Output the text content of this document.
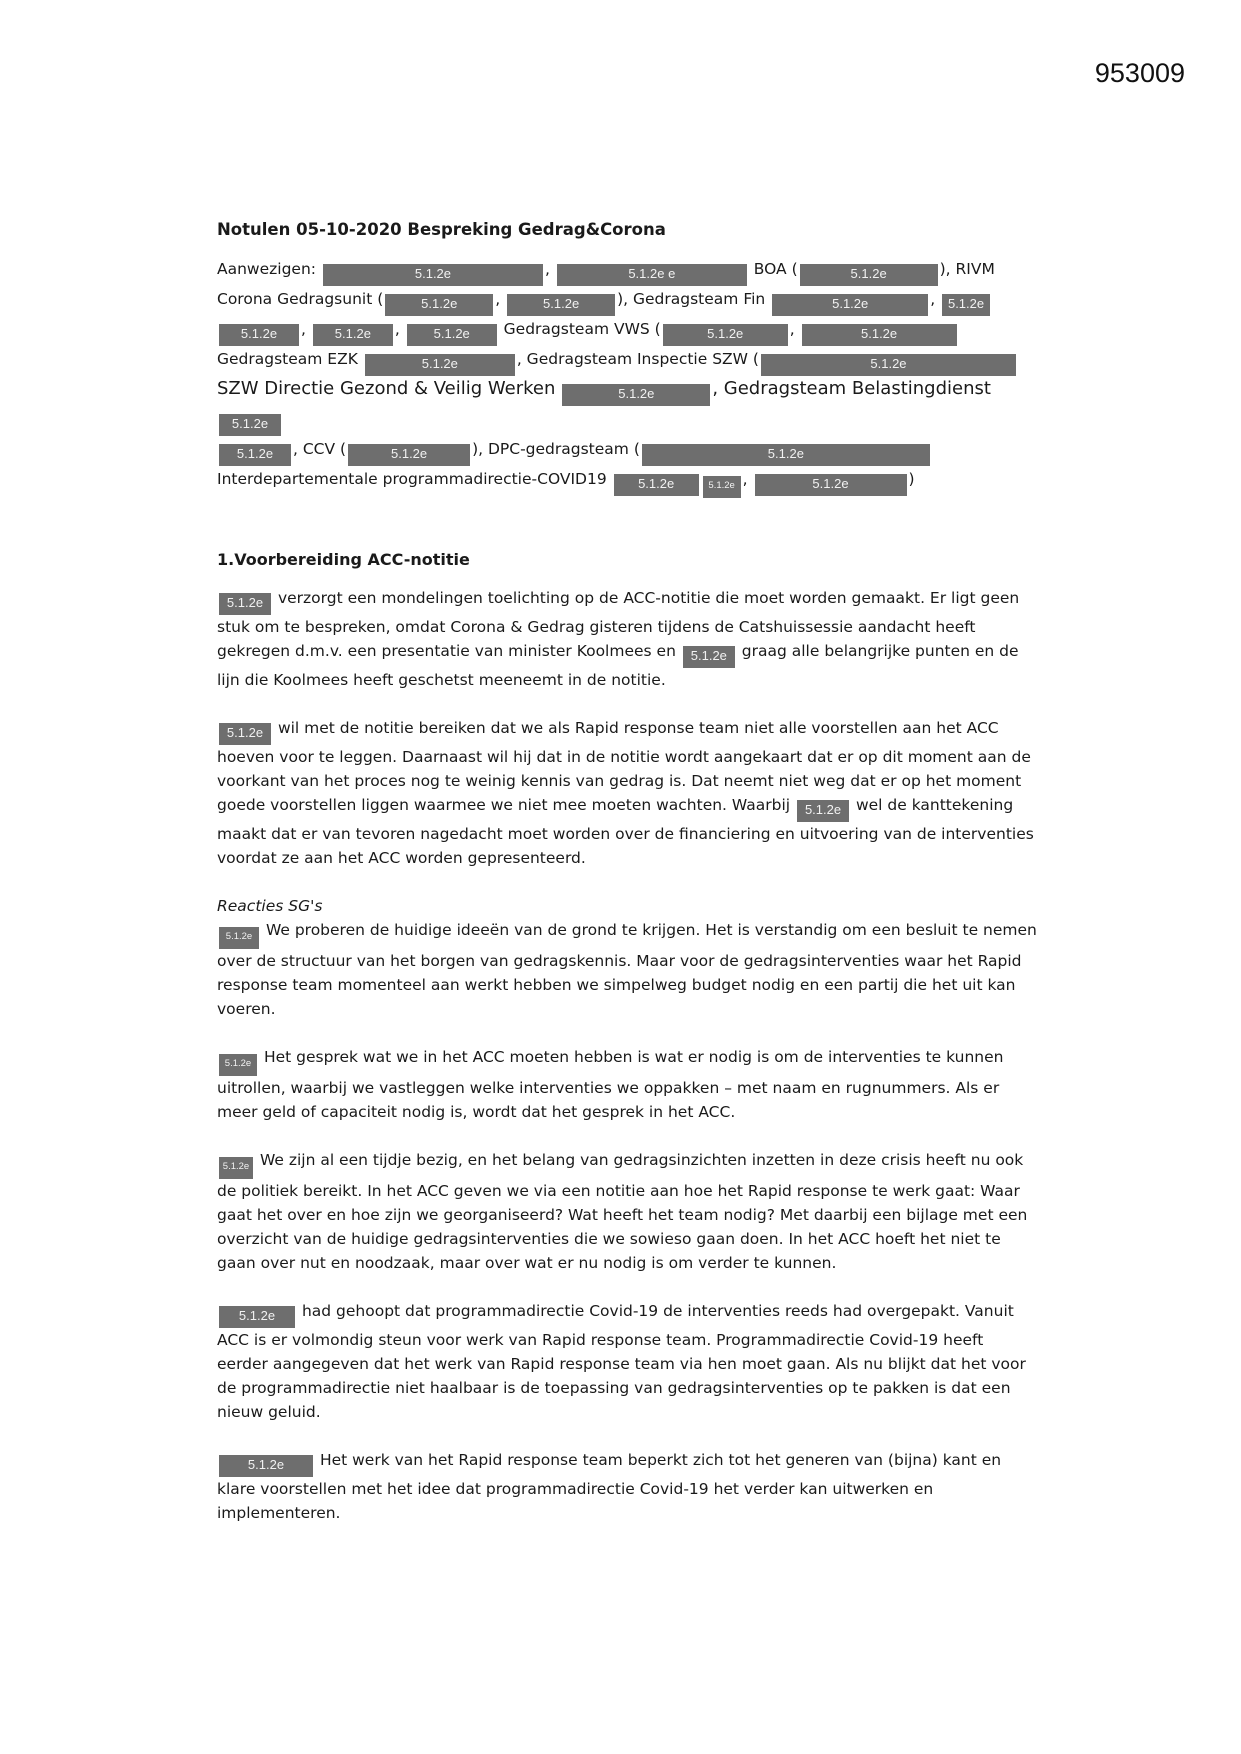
953009
Notulen 05-10-2020 Bespreking Gedrag&Corona

Aanwezigen:	5.1.2e	,	5.1.2e e	BOA (	5.1.2e	), RIVM
Corona Gedragsunit (	5.1.2e ,	5.1.2e ), Gedragsteam Fin	5.1.2e	, 5.1.2e
5.1.2e , 5.1.2e , 5.1.2e Gedragsteam VWS (	5.1.2e	,	5.1.2e
Gedragsteam EZK	5.1.2e	, Gedragsteam Inspectie SZW (	5.1.2e
SZW Directie Gezond & Veilig Werken	5.1.2e	, Gedragsteam Belastingdienst 5.1.2e
5.1.2e , CCV (	5.1.2e	), DPC-gedragsteam (	5.1.2e
Interdepartementale programmadirectie-COVID19 5.1.2e	5.1.2e ,	5.1.2e	)

1.Voorbereiding ACC-notitie

5.1.2e verzorgt een mondelingen toelichting op de ACC-notitie die moet worden gemaakt. Er ligt geen stuk om te bespreken, omdat Corona & Gedrag gisteren tijdens de Catshuissessie aandacht heeft gekregen d.m.v. een presentatie van minister Koolmees en 5.1.2e graag alle belangrijke punten en de lijn die Koolmees heeft geschetst meeneemt in de notitie.

5.1.2e wil met de notitie bereiken dat we als Rapid response team niet alle voorstellen aan het ACC hoeven voor te leggen. Daarnaast wil hij dat in de notitie wordt aangekaart dat er op dit moment aan de voorkant van het proces nog te weinig kennis van gedrag is. Dat neemt niet weg dat er op het moment goede voorstellen liggen waarmee we niet mee moeten wachten. Waarbij 5.1.2e wel de kanttekening maakt dat er van tevoren nagedacht moet worden over de financiering en uitvoering van de interventies voordat ze aan het ACC worden gepresenteerd.

Reacties SG's

5.1.2e We proberen de huidige ideeën van de grond te krijgen. Het is verstandig om een besluit te nemen over de structuur van het borgen van gedragskennis. Maar voor de gedragsinterventies waar het Rapid response team momenteel aan werkt hebben we simpelweg budget nodig en een partij die het uit kan voeren.

5.1.2e Het gesprek wat we in het ACC moeten hebben is wat er nodig is om de interventies te kunnen uitrollen, waarbij we vastleggen welke interventies we oppakken – met naam en rugnummers. Als er meer geld of capaciteit nodig is, wordt dat het gesprek in het ACC.

5.1.2e We zijn al een tijdje bezig, en het belang van gedragsinzichten inzetten in deze crisis heeft nu ook de politiek bereikt. In het ACC geven we via een notitie aan hoe het Rapid response te werk gaat: Waar gaat het over en hoe zijn we georganiseerd? Wat heeft het team nodig? Met daarbij een bijlage met een overzicht van de huidige gedragsinterventies die we sowieso gaan doen. In het ACC hoeft het niet te gaan over nut en noodzaak, maar over wat er nu nodig is om verder te kunnen.

5.1.2e had gehoopt dat programmadirectie Covid-19 de interventies reeds had overgepakt. Vanuit ACC is er volmondig steun voor werk van Rapid response team. Programmadirectie Covid-19 heeft eerder aangegeven dat het werk van Rapid response team via hen moet gaan. Als nu blijkt dat het voor de programmadirectie niet haalbaar is de toepassing van gedragsinterventies op te pakken is dat een nieuw geluid.

5.1.2e Het werk van het Rapid response team beperkt zich tot het generen van (bijna) kant en klare voorstellen met het idee dat programmadirectie Covid-19 het verder kan uitwerken en implementeren.
